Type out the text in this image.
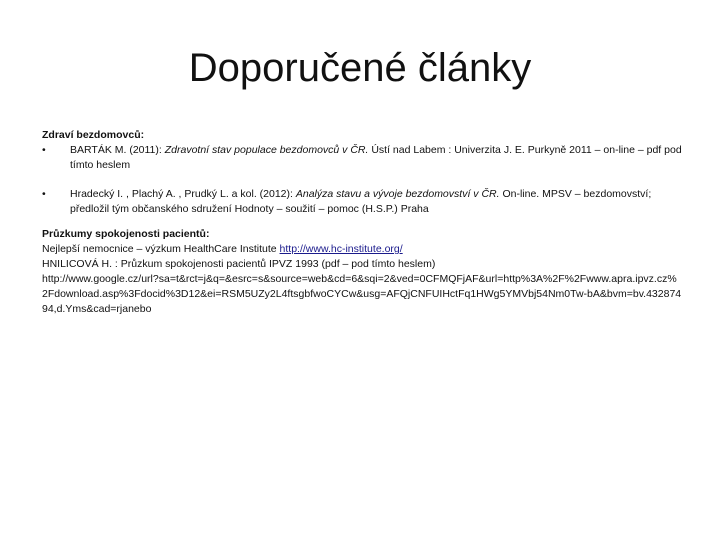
Doporučené články
Zdraví bezdomovců:
• BARTÁK M. (2011): Zdravotní stav populace bezdomovců v ČR. Ústí nad Labem : Univerzita J. E. Purkyně 2011 – on-line – pdf pod tímto heslem
• Hradecký I. , Plachý A. , Prudký L. a kol. (2012): Analýza stavu a vývoje bezdomovství v ČR. On-line. MPSV – bezdomovství; předložil tým občanského sdružení Hodnoty – soužití – pomoc (H.S.P.) Praha
Průzkumy spokojenosti pacientů:
Nejlepší nemocnice – výzkum HealthCare Institute http://www.hc-institute.org/
HNILICOVÁ H. : Průzkum spokojenosti pacientů IPVZ 1993 (pdf – pod tímto heslem)
http://www.google.cz/url?sa=t&rct=j&q=&esrc=s&source=web&cd=6&sqi=2&ved=0CFMQFjAF&url=http%3A%2F%2Fwww.apra.ipvz.cz%2Fdownload.asp%3Fdocid%3D12&ei=RSM5UZy2L4ftsgbfwoCYCw&usg=AFQjCNFUIHctFq1HWg5YMVbj54Nm0Tw-bA&bvm=bv.43287494,d.Yms&cad=rjanebo
